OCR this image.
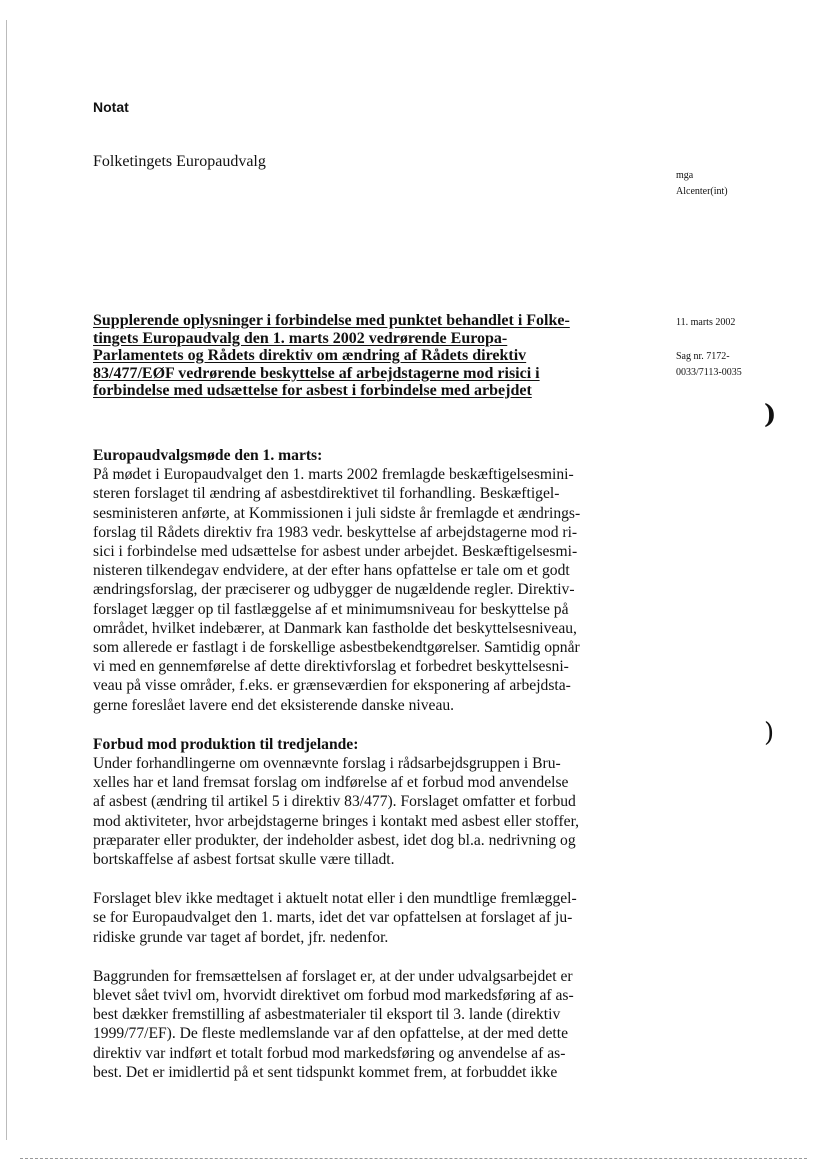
Notat
Folketingets Europaudvalg
mga
Alcenter(int)
11. marts 2002
Sag nr. 7172-
0033/7113-0035
Supplerende oplysninger i forbindelse med punktet behandlet i Folke-
tingets Europaudvalg den 1. marts 2002 vedrørende Europa-
Parlamentets og Rådets direktiv om ændring af Rådets direktiv
83/477/EØF vedrørende beskyttelse af arbejdstagerne mod risici i
forbindelse med udsættelse for asbest i forbindelse med arbejdet
)
)
Europaudvalgsmøde den 1. marts:

På mødet i Europaudvalget den 1. marts 2002 fremlagde beskæftigelsesmini-
steren forslaget til ændring af asbestdirektivet til forhandling. Beskæftigel-
sesministeren anførte, at Kommissionen i juli sidste år fremlagde et ændrings-
forslag til Rådets direktiv fra 1983 vedr. beskyttelse af arbejdstagerne mod ri-
sici i forbindelse med udsættelse for asbest under arbejdet. Beskæftigelsesmi-
nisteren tilkendegav endvidere, at der efter hans opfattelse er tale om et godt
ændringsforslag, der præciserer og udbygger de nugældende regler. Direktiv-
forslaget lægger op til fastlæggelse af et minimumsniveau for beskyttelse på
området, hvilket indebærer, at Danmark kan fastholde det beskyttelsesniveau,
som allerede er fastlagt i de forskellige asbestbekendtgørelser. Samtidig opnår
vi med en gennemførelse af dette direktivforslag et forbedret beskyttelsesni-
veau på visse områder, f.eks. er grænseværdien for eksponering af arbejdsta-
gerne foreslået lavere end det eksisterende danske niveau.

Forbud mod produktion til tredjelande:

Under forhandlingerne om ovennævnte forslag i rådsarbejdsgruppen i Bru-
xelles har et land fremsat forslag om indførelse af et forbud mod anvendelse
af asbest (ændring til artikel 5 i direktiv 83/477). Forslaget omfatter et forbud
mod aktiviteter, hvor arbejdstagerne bringes i kontakt med asbest eller stoffer,
præparater eller produkter, der indeholder asbest, idet dog bl.a. nedrivning og
bortskaffelse af asbest fortsat skulle være tilladt.

Forslaget blev ikke medtaget i aktuelt notat eller i den mundtlige fremlæggel-
se for Europaudvalget den 1. marts, idet det var opfattelsen at forslaget af ju-
ridiske grunde var taget af bordet, jfr. nedenfor.

Baggrunden for fremsættelsen af forslaget er, at der under udvalgsarbejdet er
blevet sået tvivl om, hvorvidt direktivet om forbud mod markedsføring af as-
best dækker fremstilling af asbestmaterialer til eksport til 3. lande (direktiv
1999/77/EF). De fleste medlemslande var af den opfattelse, at der med dette
direktiv var indført et totalt forbud mod markedsføring og anvendelse af as-
best. Det er imidlertid på et sent tidspunkt kommet frem, at forbuddet ikke
